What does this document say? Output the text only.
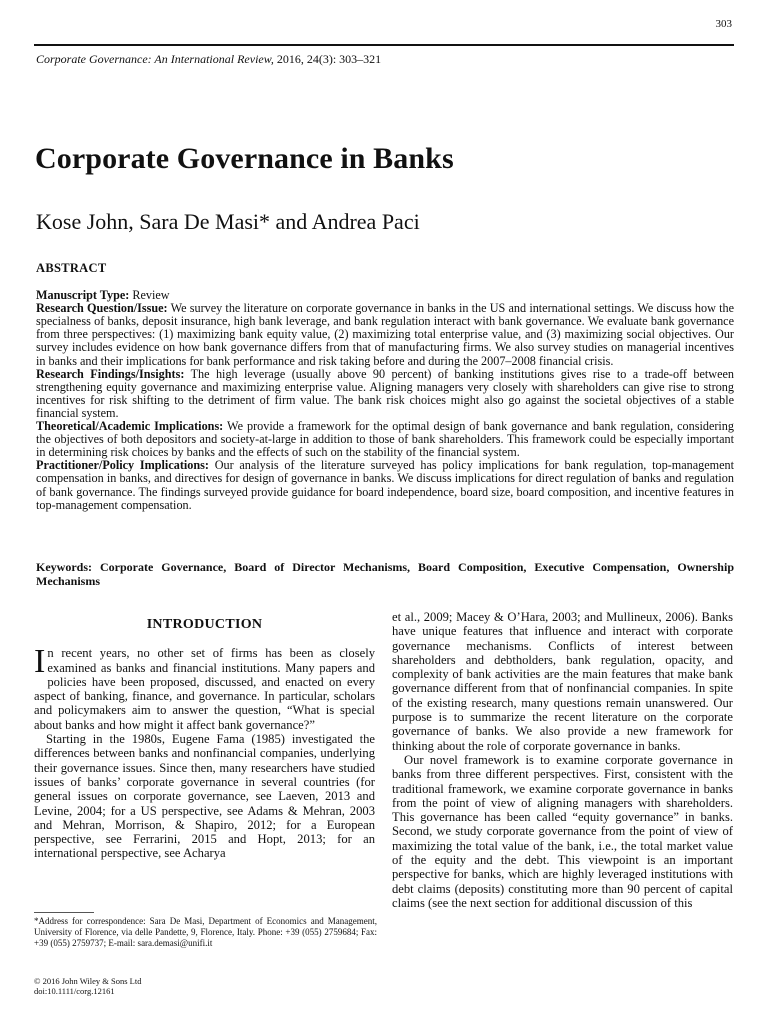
303
Corporate Governance: An International Review, 2016, 24(3): 303–321
Corporate Governance in Banks
Kose John, Sara De Masi* and Andrea Paci
ABSTRACT

Manuscript Type: Review

Research Question/Issue: We survey the literature on corporate governance in banks in the US and international settings. We discuss how the specialness of banks, deposit insurance, high bank leverage, and bank regulation interact with bank governance. We evaluate bank governance from three perspectives: (1) maximizing bank equity value, (2) maximizing total enterprise value, and (3) maximizing social objectives. Our survey includes evidence on how bank governance differs from that of manufacturing firms. We also survey studies on managerial incentives in banks and their implications for bank performance and risk taking before and during the 2007–2008 financial crisis.

Research Findings/Insights: The high leverage (usually above 90 percent) of banking institutions gives rise to a trade-off between strengthening equity governance and maximizing enterprise value. Aligning managers very closely with shareholders can give rise to strong incentives for risk shifting to the detriment of firm value. The bank risk choices might also go against the societal objectives of a stable financial system.

Theoretical/Academic Implications: We provide a framework for the optimal design of bank governance and bank regulation, considering the objectives of both depositors and society-at-large in addition to those of bank shareholders. This framework could be especially important in determining risk choices by banks and the effects of such on the stability of the financial system.

Practitioner/Policy Implications: Our analysis of the literature surveyed has policy implications for bank regulation, top-management compensation in banks, and directives for design of governance in banks. We discuss implications for direct regulation of banks and regulation of bank governance. The findings surveyed provide guidance for board independence, board size, board composition, and incentive features in top-management compensation.

Keywords: Corporate Governance, Board of Director Mechanisms, Board Composition, Executive Compensation, Ownership Mechanisms
INTRODUCTION

In recent years, no other set of firms has been as closely examined as banks and financial institutions. Many papers and policies have been proposed, discussed, and enacted on every aspect of banking, finance, and governance. In particular, scholars and policymakers aim to answer the question, “What is special about banks and how might it affect bank governance?”

Starting in the 1980s, Eugene Fama (1985) investigated the differences between banks and nonfinancial companies, underlying their governance issues. Since then, many researchers have studied issues of banks’ corporate governance in several countries (for general issues on corporate governance, see Laeven, 2013 and Levine, 2004; for a US perspective, see Adams & Mehran, 2003 and Mehran, Morrison, & Shapiro, 2012; for a European perspective, see Ferrarini, 2015 and Hopt, 2013; for an international perspective, see Acharya

et al., 2009; Macey & O’Hara, 2003; and Mullineux, 2006). Banks have unique features that influence and interact with corporate governance mechanisms. Conflicts of interest between shareholders and debtholders, bank regulation, opacity, and complexity of bank activities are the main features that make bank governance different from that of nonfinancial companies. In spite of the existing research, many questions remain unanswered. Our purpose is to summarize the recent literature on the corporate governance of banks. We also provide a new framework for thinking about the role of corporate governance in banks.

Our novel framework is to examine corporate governance in banks from three different perspectives. First, consistent with the traditional framework, we examine corporate governance in banks from the point of view of aligning managers with shareholders. This governance has been called “equity governance” in banks. Second, we study corporate governance from the point of view of maximizing the total value of the bank, i.e., the total market value of the equity and the debt. This viewpoint is an important perspective for banks, which are highly leveraged institutions with debt claims (deposits) constituting more than 90 percent of capital claims (see the next section for additional discussion of this

*Address for correspondence: Sara De Masi, Department of Economics and Management, University of Florence, via delle Pandette, 9, Florence, Italy. Phone: +39 (055) 2759684; Fax: +39 (055) 2759737; E-mail: sara.demasi@unifi.it
© 2016 John Wiley & Sons Ltd
doi:10.1111/corg.12161
